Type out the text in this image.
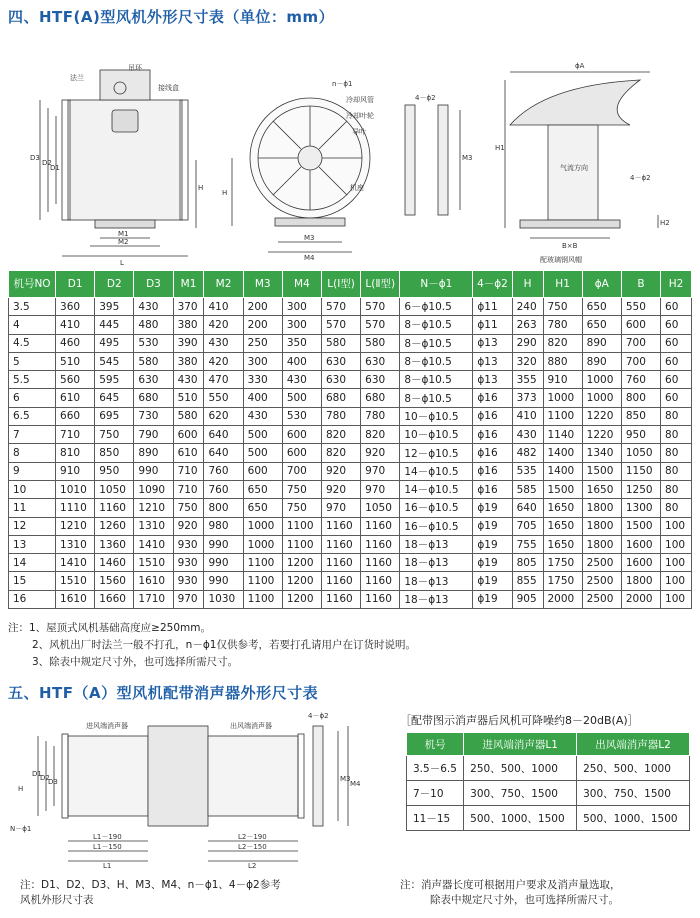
四、HTF(A)型风机外形尺寸表（单位：mm）
法兰
吊环
接线盒
D3
D2
D1
M1
M2
L
H
n－ϕ1
冷却风管
冷却叶轮
导叶
机座
H
M3
M4
4－ϕ2
M3
ϕA
H1
气流方向
4－ϕ2
H2
B×B
配玻璃钢风帽
机号NO	D1	D2	D3	M1	M2	M3	M4	L(Ⅰ型)	L(Ⅱ型)	N－ϕ1	4－ϕ2	H	H1	ϕA	B	H2
3.5	360	395	430	370	410	200	300	570	570	6－ϕ10.5	ϕ11	240	750	650	550	60
4	410	445	480	380	420	200	300	570	570	8－ϕ10.5	ϕ11	263	780	650	600	60
4.5	460	495	530	390	430	250	350	580	580	8－ϕ10.5	ϕ13	290	820	890	700	60
5	510	545	580	380	420	300	400	630	630	8－ϕ10.5	ϕ13	320	880	890	700	60
5.5	560	595	630	430	470	330	430	630	630	8－ϕ10.5	ϕ13	355	910	1000	760	60
6	610	645	680	510	550	400	500	680	680	8－ϕ10.5	ϕ16	373	1000	1000	800	60
6.5	660	695	730	580	620	430	530	780	780	10－ϕ10.5	ϕ16	410	1100	1220	850	80
7	710	750	790	600	640	500	600	820	820	10－ϕ10.5	ϕ16	430	1140	1220	950	80
8	810	850	890	610	640	500	600	820	920	12－ϕ10.5	ϕ16	482	1400	1340	1050	80
9	910	950	990	710	760	600	700	920	970	14－ϕ10.5	ϕ16	535	1400	1500	1150	80
10	1010	1050	1090	710	760	650	750	920	970	14－ϕ10.5	ϕ16	585	1500	1650	1250	80
11	1110	1160	1210	750	800	650	750	970	1050	16－ϕ10.5	ϕ19	640	1650	1800	1300	80
12	1210	1260	1310	920	980	1000	1100	1160	1160	16－ϕ10.5	ϕ19	705	1650	1800	1500	100
13	1310	1360	1410	930	990	1000	1100	1160	1160	18－ϕ13	ϕ19	755	1650	1800	1600	100
14	1410	1460	1510	930	990	1100	1200	1160	1160	18－ϕ13	ϕ19	805	1750	2500	1600	100
15	1510	1560	1610	930	990	1100	1200	1160	1160	18－ϕ13	ϕ19	855	1750	2500	1800	100
16	1610	1660	1710	970	1030	1100	1200	1160	1160	18－ϕ13	ϕ19	905	2000	2500	2000	100
注：1、屋顶式风机基础高度应≥250mm。
2、风机出厂时法兰一般不打孔，n－ϕ1仅供参考，若要打孔请用户在订货时说明。
3、除表中规定尺寸外，也可选择所需尺寸。
五、HTF（A）型风机配带消声器外形尺寸表
进风端消声器	出风端消声器
4－ϕ2
H
D1
D2
D3	M3
M4
N－ϕ1
L1－190
L1－150
L1
L2－190
L2－150
L2
［配带图示消声器后风机可降噪约8－20dB(A)］
机号	进风端消声器L1	出风端消声器L2
3.5－6.5	250、500、1000	250、500、1000
7－10	300、750、1500	300、750、1500
11－15	500、1000、1500	500、1000、1500
注：D1、D2、D3、H、M3、M4、n－ϕ1、4－ϕ2参考
风机外形尺寸表
注：消声器长度可根据用户要求及消声量选取，
除表中规定尺寸外，也可选择所需尺寸。
